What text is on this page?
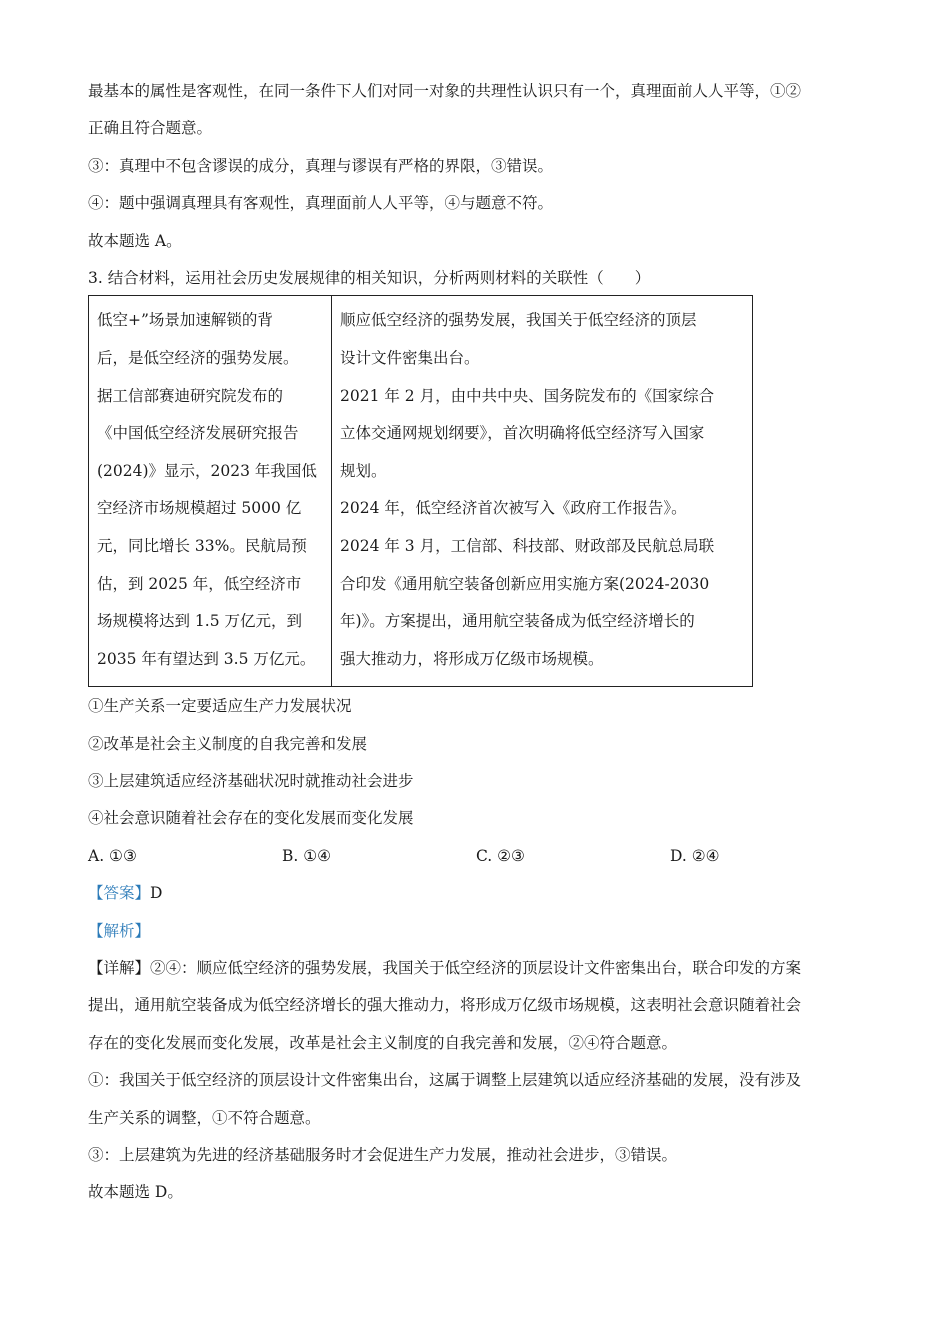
最基本的属性是客观性，在同一条件下人们对同一对象的共理性认识只有一个，真理面前人人平等，①②
正确且符合题意。
③：真理中不包含谬误的成分，真理与谬误有严格的界限，③错误。
④：题中强调真理具有客观性，真理面前人人平等，④与题意不符。
故本题选 A。
3. 结合材料，运用社会历史发展规律的相关知识，分析两则材料的关联性（　　）
低空+”场景加速解锁的背
后，是低空经济的强势发展。
据工信部赛迪研究院发布的
《中国低空经济发展研究报告
(2024)》显示，2023 年我国低
空经济市场规模超过 5000 亿
元，同比增长 33%。民航局预
估，到 2025 年，低空经济市
场规模将达到 1.5 万亿元，到
2035 年有望达到 3.5 万亿元。

顺应低空经济的强势发展，我国关于低空经济的顶层
设计文件密集出台。
2021 年 2 月，由中共中央、国务院发布的《国家综合
立体交通网规划纲要》，首次明确将低空经济写入国家
规划。
2024 年，低空经济首次被写入《政府工作报告》。
2024 年 3 月，工信部、科技部、财政部及民航总局联
合印发《通用航空装备创新应用实施方案(2024-2030
年)》。方案提出，通用航空装备成为低空经济增长的
强大推动力，将形成万亿级市场规模。
①生产关系一定要适应生产力发展状况
②改革是社会主义制度的自我完善和发展
③上层建筑适应经济基础状况时就推动社会进步
④社会意识随着社会存在的变化发展而变化发展
A. ①③	B. ①④	C. ②③	D. ②④
【答案】D
【解析】
【详解】②④：顺应低空经济的强势发展，我国关于低空经济的顶层设计文件密集出台，联合印发的方案
提出，通用航空装备成为低空经济增长的强大推动力，将形成万亿级市场规模，这表明社会意识随着社会
存在的变化发展而变化发展，改革是社会主义制度的自我完善和发展，②④符合题意。
①：我国关于低空经济的顶层设计文件密集出台，这属于调整上层建筑以适应经济基础的发展，没有涉及
生产关系的调整，①不符合题意。
③：上层建筑为先进的经济基础服务时才会促进生产力发展，推动社会进步，③错误。
故本题选 D。
